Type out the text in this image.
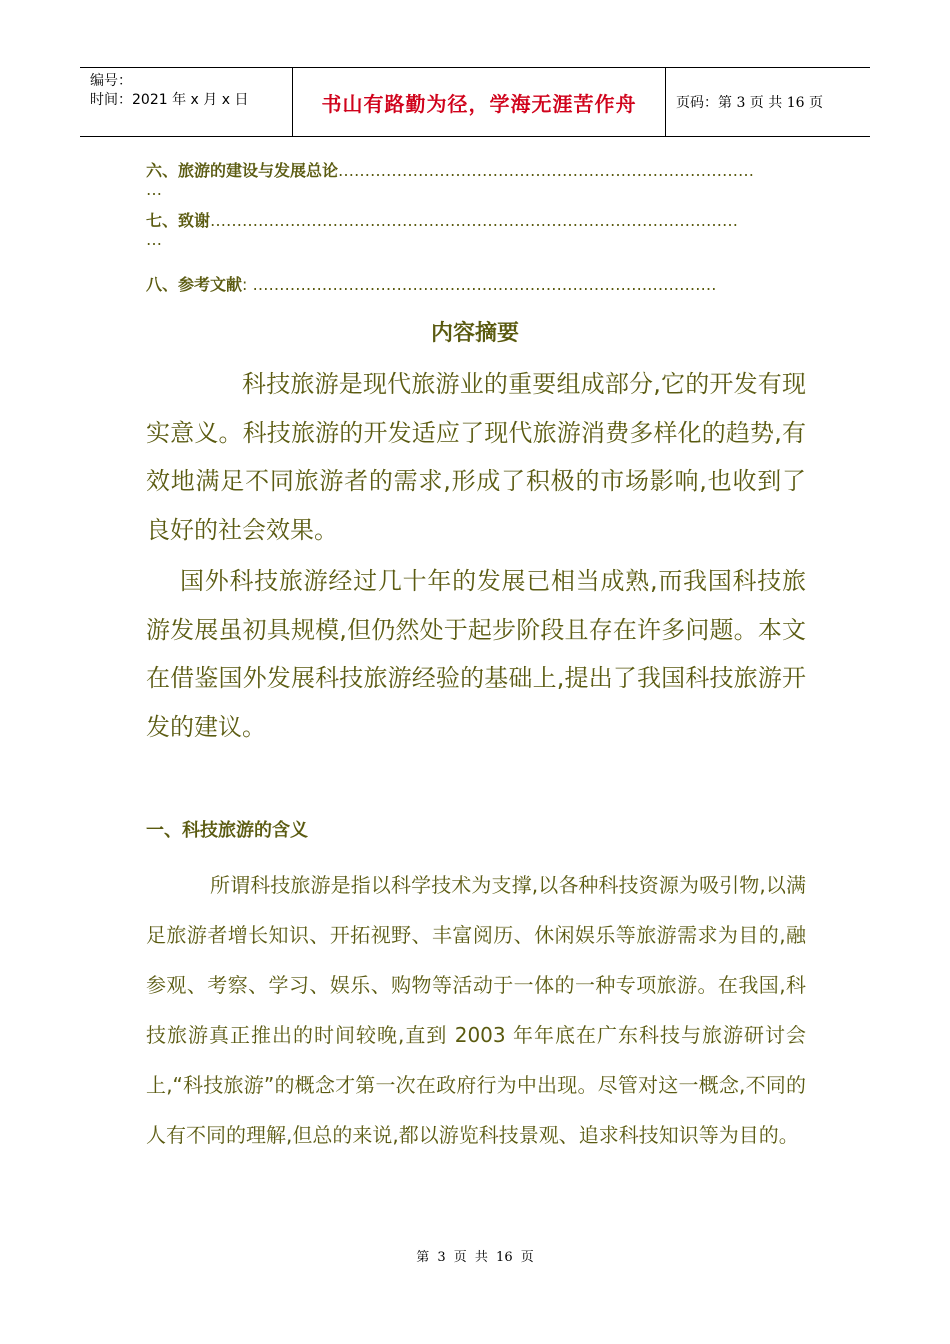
编号：
时间：2021 年 x 月 x 日	书山有路勤为径，学海无涯苦作舟	页码：第 3 页 共 16 页
六、旅游的建设与发展总论……………………………………………………………………
…
七、致谢………………………………………………………………………………………
…
八、参考文献: ……………………………………………………………………………
内容摘要
科技旅游是现代旅游业的重要组成部分,它的开发有现实意义。科技旅游的开发适应了现代旅游消费多样化的趋势,有效地满足不同旅游者的需求,形成了积极的市场影响,也收到了良好的社会效果。
国外科技旅游经过几十年的发展已相当成熟,而我国科技旅游发展虽初具规模,但仍然处于起步阶段且存在许多问题。本文在借鉴国外发展科技旅游经验的基础上,提出了我国科技旅游开发的建议。
一、科技旅游的含义
所谓科技旅游是指以科学技术为支撑,以各种科技资源为吸引物,以满足旅游者增长知识、开拓视野、丰富阅历、休闲娱乐等旅游需求为目的,融参观、考察、学习、娱乐、购物等活动于一体的一种专项旅游。在我国,科技旅游真正推出的时间较晚,直到 2003 年年底在广东科技与旅游研讨会上,“科技旅游”的概念才第一次在政府行为中出现。尽管对这一概念,不同的人有不同的理解,但总的来说,都以游览科技景观、追求科技知识等为目的。
第 3 页 共 16 页
